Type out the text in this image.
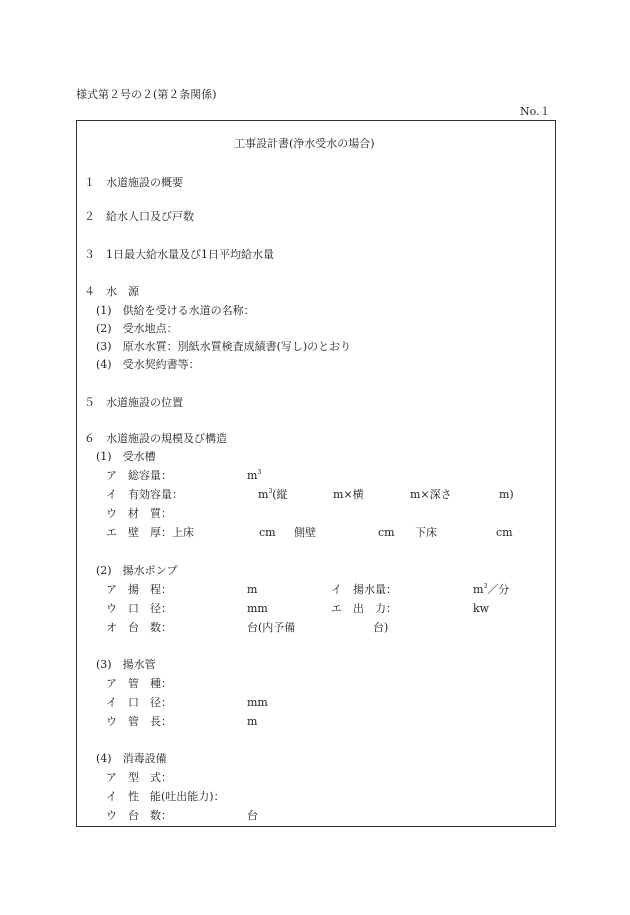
様式第２号の２(第２条関係)
No.１
工事設計書(浄水受水の場合)
１　水道施設の概要
２　給水人口及び戸数
３　1日最大給水量及び1日平均給水量
４　水　源
(1)　供給を受ける水道の名称：
(2)　受水地点：
(3)　原水水質：別紙水質検査成績書(写し)のとおり
(4)　受水契約書等：
５　水道施設の位置
６　水道施設の規模及び構造
(1)　受水槽
ア　総容量：	$m^3$
イ　有効容量：	$m^3$(縦	m×横	m×深さ	m)
ウ　材　質：
エ　壁　厚：上床	cm 側壁	cm 下床	cm
(2)　揚水ポンプ
ア　揚　程：	m	イ　揚水量：	$m^3/$分
ウ　口　径：	mm	エ　出　力：	kw
オ　台　数：	台(内予備	台)
(3)　揚水管
ア　管　種：
イ　口　径：	mm
ウ　管　長：	m
(4)　消毒設備
ア　型　式：
イ　性　能(吐出能力)：
ウ　台　数：	台
